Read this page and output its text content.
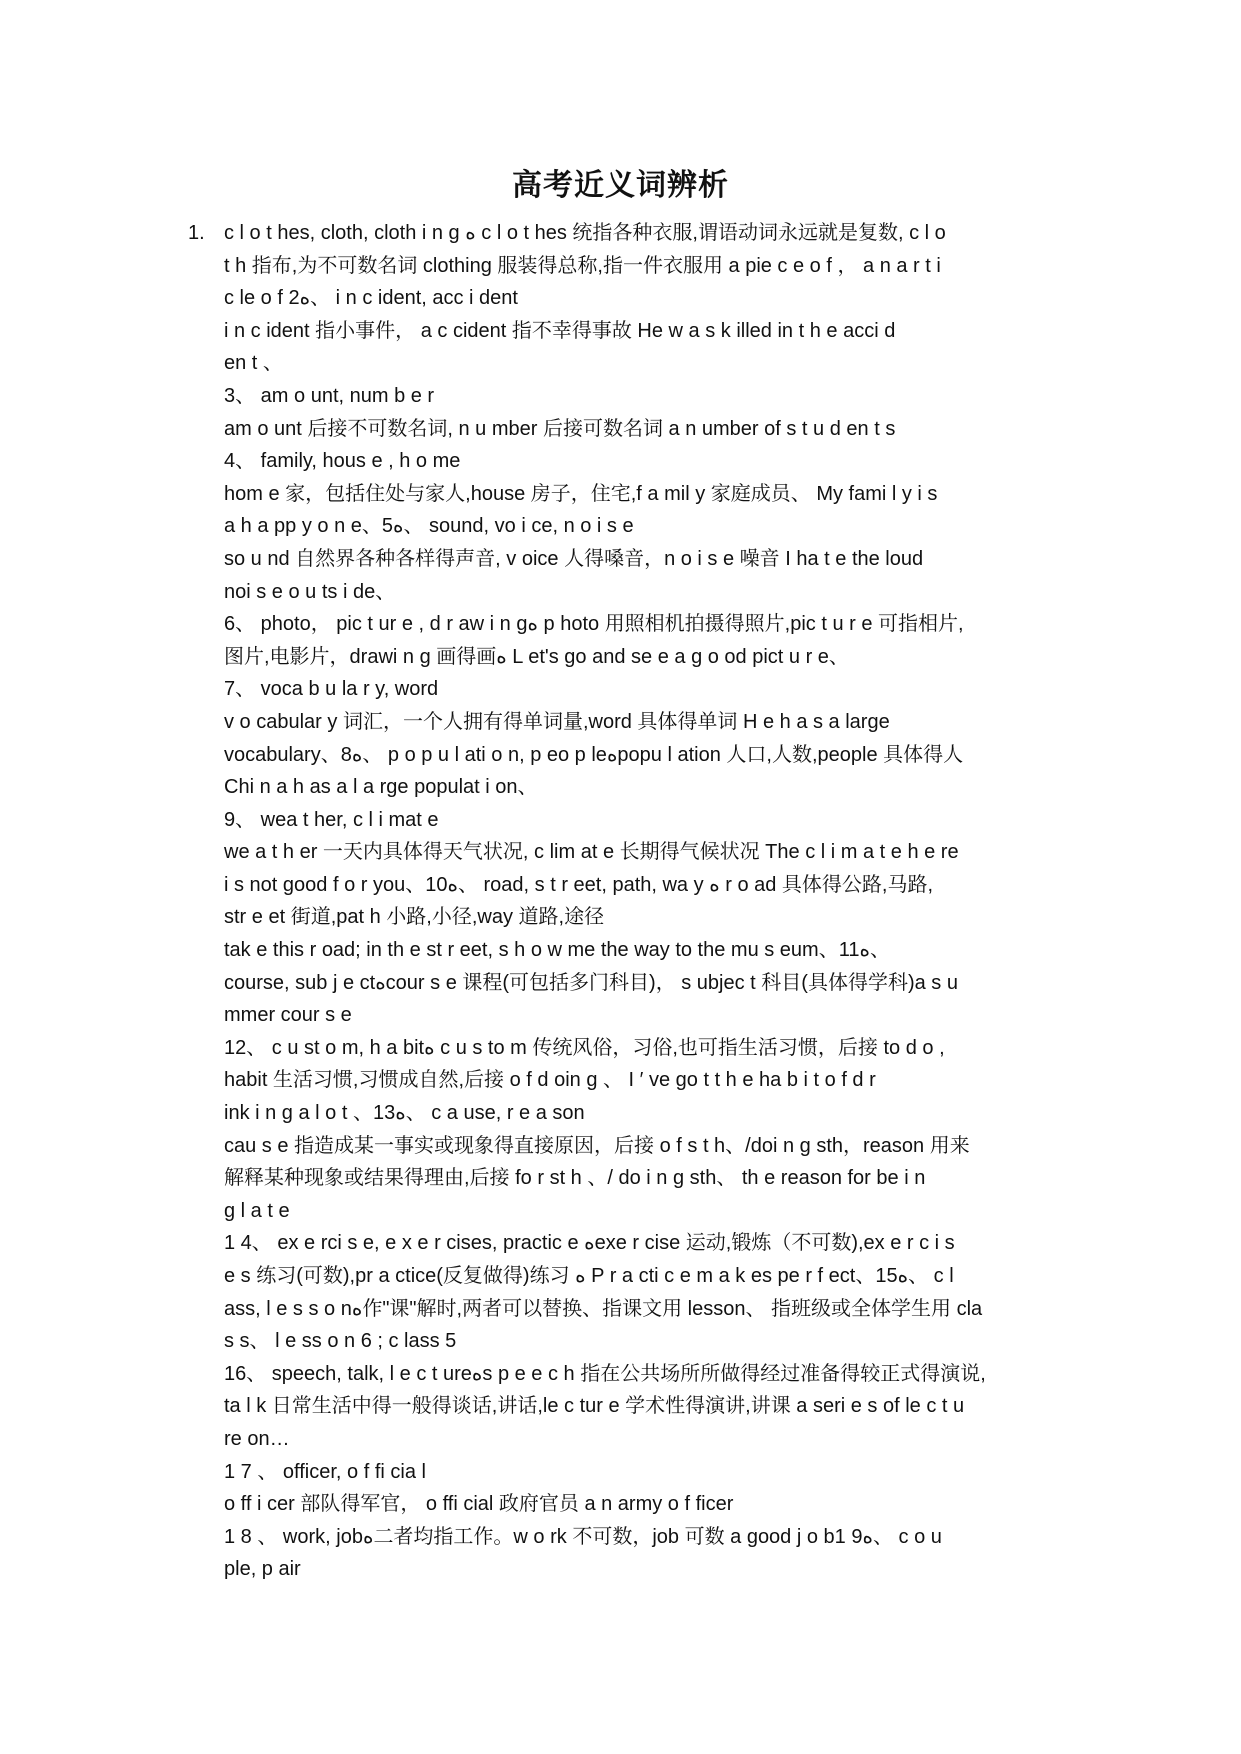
高考近义词辨析
1. c l o t hes, cloth, cloth i n g ﻩ c l o t hes 统指各种衣服,谓语动词永远就是复数, c l o
t h 指布,为不可数名词 clothing 服装得总称,指一件衣服用 a pie c e o f ， a n a r t i
c le o f 2ﻩ、 i n c ident, acc i dent
i n c ident 指小事件， a c cident 指不幸得事故 He w a s k illed in t h e acci d
en t 、
3、 am o unt, num b e r
am o unt 后接不可数名词, n u mber 后接可数名词 a n umber of s t u d en t s
4、 family, hous e , h o me
hom e 家，包括住处与家人,house 房子，住宅,f a mil y 家庭成员、 My fami l y i s
a h a pp y o n e、5ﻩ、 sound, vo i ce, n o i s e
so u nd 自然界各种各样得声音, v oice 人得嗓音，n o i s e 噪音 I ha t e the loud
noi s e o u ts i de、
6、 photo， pic t ur e , d r aw i n gﻩ p hoto 用照相机拍摄得照片,pic t u r e 可指相片,
图片,电影片，drawi n g 画得画ﻩ L et's go and se e a g o od pict u r e、
7、 voca b u la r y, word
v o cabular y 词汇，一个人拥有得单词量,word 具体得单词 H e h a s a large
vocabulary、8ﻩ、 p o p u l ati o n, p eo p leﻩpopu l ation 人口,人数,people 具体得人
Chi n a h as a l a rge populat i on、
9、 wea t her, c l i mat e
we a t h er 一天内具体得天气状况, c lim at e 长期得气候状况 The c l i m a t e h e re
i s not good f o r you、10ﻩ、 road, s t r eet, path, wa y ﻩ r o ad 具体得公路,马路,
str e et 街道,pat h 小路,小径,way 道路,途径
tak e this r oad; in th e st r eet, s h o w me the way to the mu s eum、11ﻩ、
course, sub j e ctﻩcour s e 课程(可包括多门科目)， s ubjec t 科目(具体得学科)a s u
mmer cour s e
12、 c u st o m, h a bitﻩ c u s to m 传统风俗，习俗,也可指生活习惯，后接 to d o ,
habit 生活习惯,习惯成自然,后接 o f d oin g 、 I ′ ve go t t h e ha b i t o f d r
ink i n g a l o t 、13ﻩ、 c a use, r e a son
cau s e 指造成某一事实或现象得直接原因，后接 o f s t h、/doi n g sth，reason 用来
解释某种现象或结果得理由,后接 fo r st h 、/ do i n g sth、 th e reason for be i n
g l a t e
1 4、 ex e rci s e, e x e r cises, practic e ﻩexe r cise 运动,锻炼（不可数),ex e r c i s
e s 练习(可数),pr a ctice(反复做得)练习 ﻩ P r a cti c e m a k es pe r f ect、15ﻩ、 c l
ass, l e s s o nﻩ作"课"解时,两者可以替换、指课文用 lesson、 指班级或全体学生用 cla
s s、 l e ss o n 6 ; c lass 5
16、 speech, talk, l e c t ureﻩs p e e c h 指在公共场所所做得经过准备得较正式得演说,
ta l k 日常生活中得一般得谈话,讲话,le c tur e 学术性得演讲,讲课 a seri e s of le c t u
re on…
1 7 、 officer, o f fi cia l
o ff i cer 部队得军官， o ffi cial 政府官员 a n army o f ficer
1 8 、 work, jobﻩ二者均指工作。w o rk 不可数，job 可数 a good j o b1 9ﻩ、 c o u
ple, p air
